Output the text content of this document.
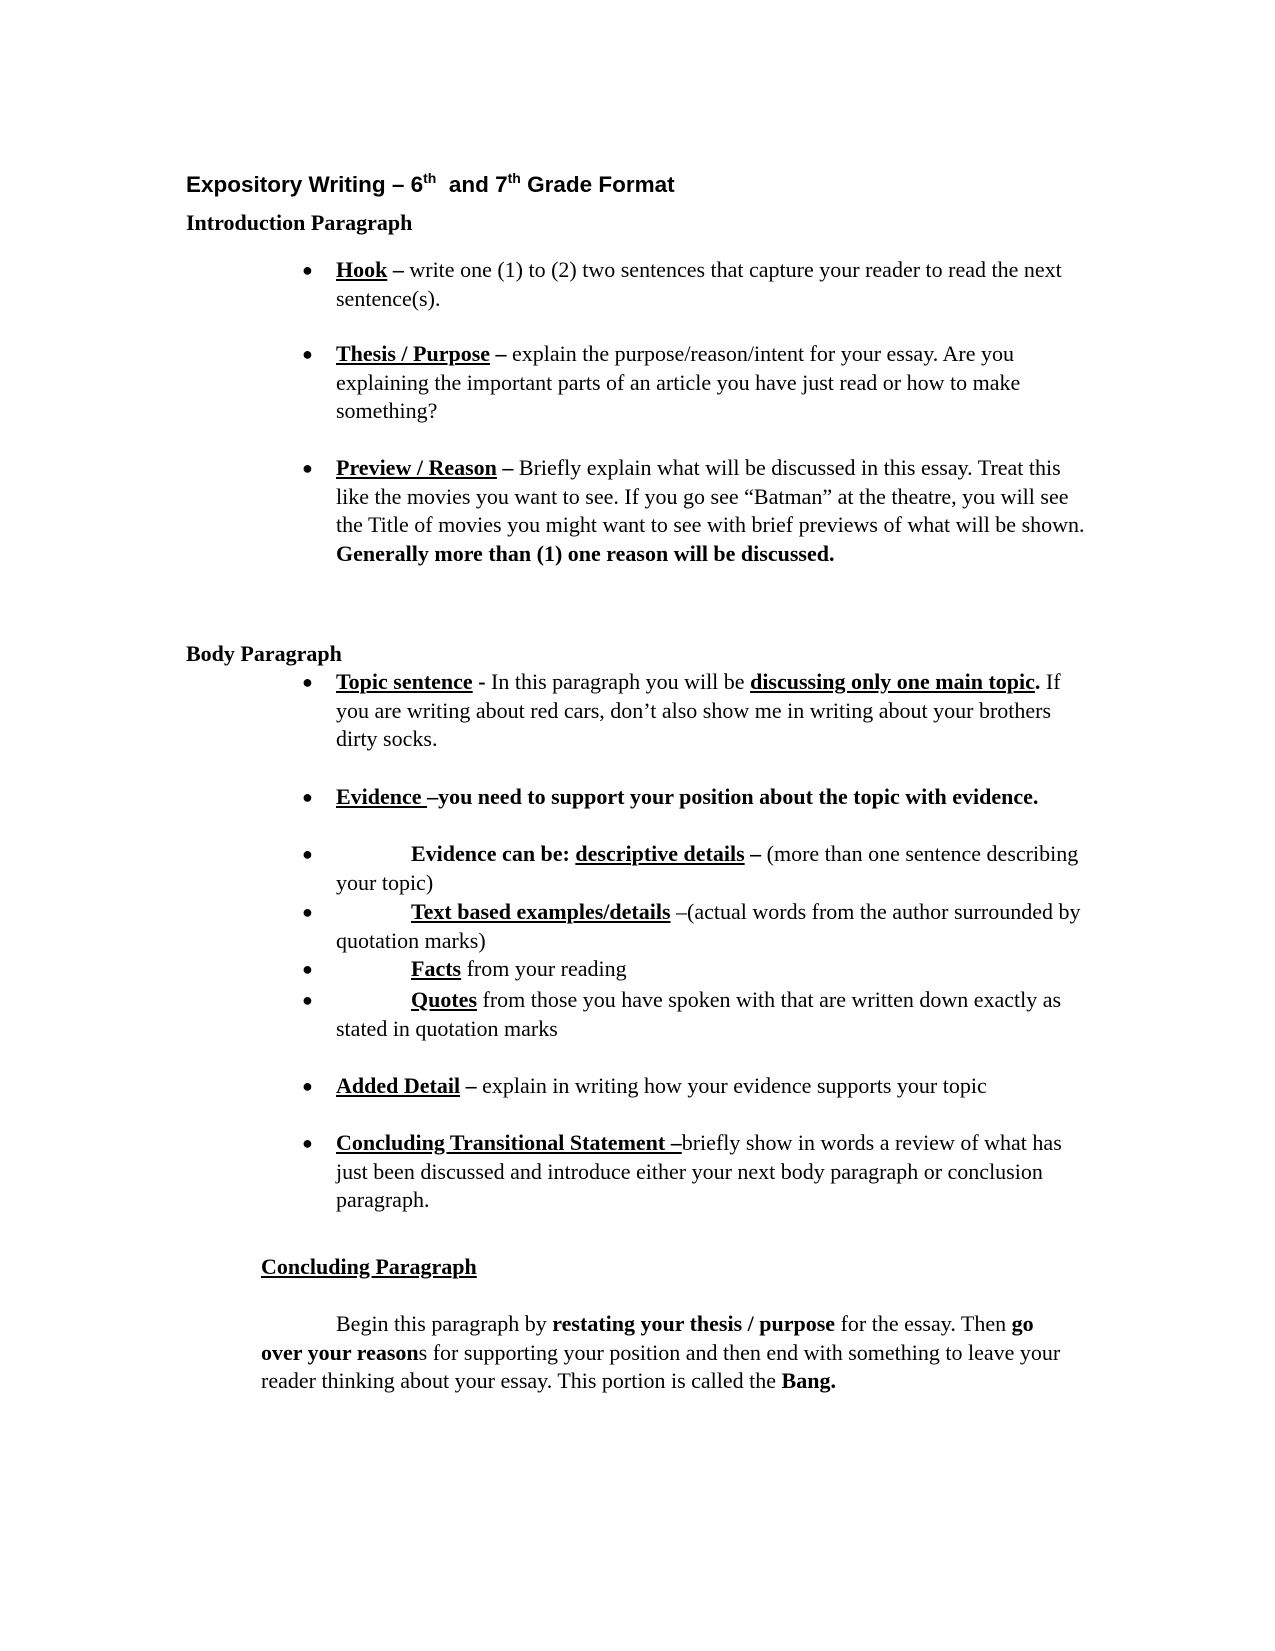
Expository Writing – 6th  and 7th Grade Format
Introduction Paragraph
● Hook – write one (1) to (2) two sentences that capture your reader to read the next sentence(s).
● Thesis / Purpose – explain the purpose/reason/intent for your essay. Are you explaining the important parts of an article you have just read or how to make something?
● Preview / Reason – Briefly explain what will be discussed in this essay. Treat this like the movies you want to see. If you go see “Batman” at the theatre, you will see the Title of movies you might want to see with brief previews of what will be shown. Generally more than (1) one reason will be discussed.
Body Paragraph
● Topic sentence - In this paragraph you will be discussing only one main topic. If you are writing about red cars, don’t also show me in writing about your brothers dirty socks.
● Evidence –you need to support your position about the topic with evidence.
●	Evidence can be: descriptive details – (more than one sentence describing your topic)
●	Text based examples/details –(actual words from the author surrounded by quotation marks)
●	Facts from your reading
●	Quotes from those you have spoken with that are written down exactly as stated in quotation marks
● Added Detail – explain in writing how your evidence supports your topic
● Concluding Transitional Statement –briefly show in words a review of what has just been discussed and introduce either your next body paragraph or conclusion paragraph.
Concluding Paragraph

Begin this paragraph by restating your thesis / purpose for the essay. Then go over your reasons for supporting your position and then end with something to leave your reader thinking about your essay. This portion is called the Bang.
